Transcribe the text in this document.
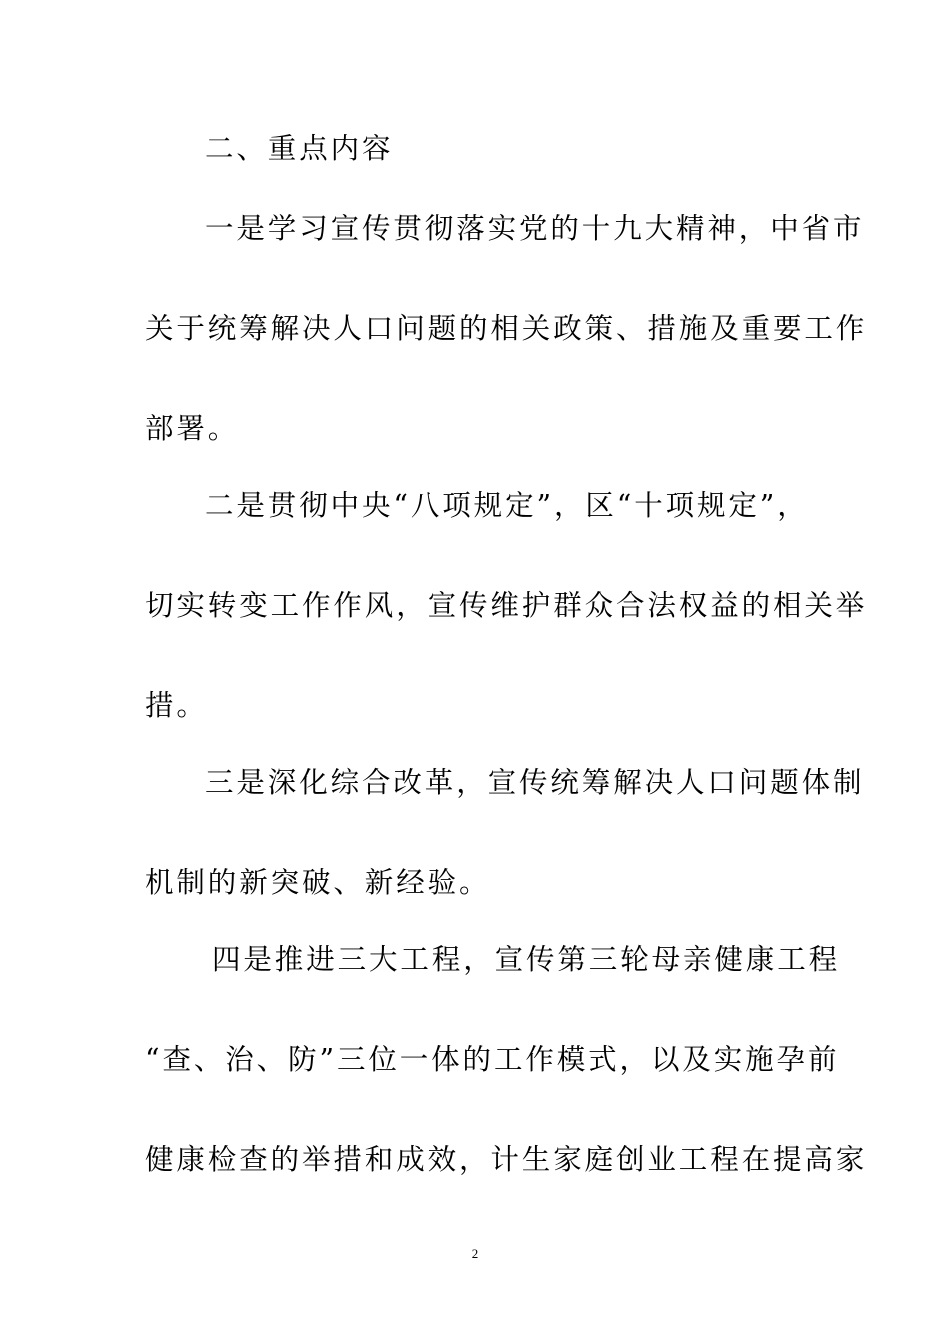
二、重点内容
一是学习宣传贯彻落实党的十九大精神，中省市
关于统筹解决人口问题的相关政策、措施及重要工作
部署。
二是贯彻中央“八项规定”，区“十项规定”，
切实转变工作作风，宣传维护群众合法权益的相关举
措。
三是深化综合改革，宣传统筹解决人口问题体制
机制的新突破、新经验。
四是推进三大工程，宣传第三轮母亲健康工程
“查、治、防”三位一体的工作模式，以及实施孕前
健康检查的举措和成效，计生家庭创业工程在提高家
2
